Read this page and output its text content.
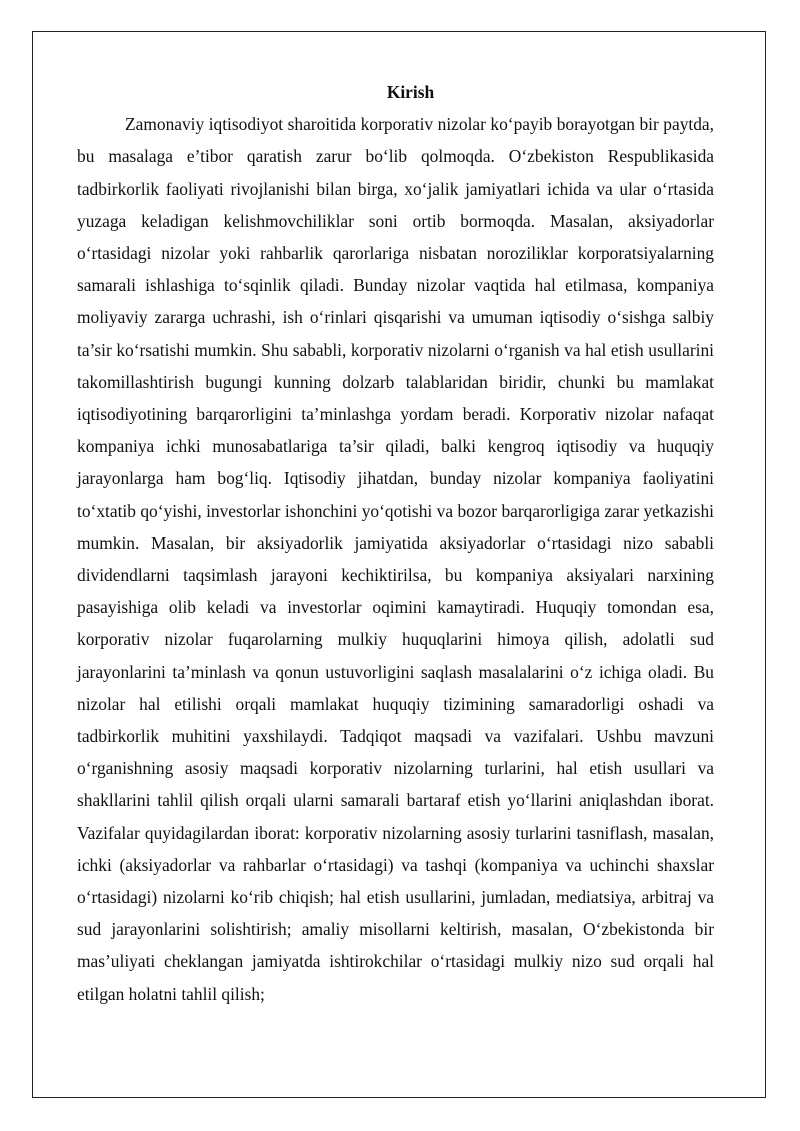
Kirish

Zamonaviy iqtisodiyot sharoitida korporativ nizolar ko‘payib borayotgan bir paytda, bu masalaga e’tibor qaratish zarur bo‘lib qolmoqda. O‘zbekiston Respublikasida tadbirkorlik faoliyati rivojlanishi bilan birga, xo‘jalik jamiyatlari ichida va ular o‘rtasida yuzaga keladigan kelishmovchiliklar soni ortib bormoqda. Masalan, aksiyadorlar o‘rtasidagi nizolar yoki rahbarlik qarorlariga nisbatan noroziliklar korporatsiyalarning samarali ishlashiga to‘sqinlik qiladi. Bunday nizolar vaqtida hal etilmasa, kompaniya moliyaviy zararga uchrashi, ish o‘rinlari qisqarishi va umuman iqtisodiy o‘sishga salbiy ta’sir ko‘rsatishi mumkin. Shu sababli, korporativ nizolarni o‘rganish va hal etish usullarini takomillashtirish bugungi kunning dolzarb talablaridan biridir, chunki bu mamlakat iqtisodiyotining barqarorligini ta’minlashga yordam beradi. Korporativ nizolar nafaqat kompaniya ichki munosabatlariga ta’sir qiladi, balki kengroq iqtisodiy va huquqiy jarayonlarga ham bog‘liq. Iqtisodiy jihatdan, bunday nizolar kompaniya faoliyatini to‘xtatib qo‘yishi, investorlar ishonchini yo‘qotishi va bozor barqarorligiga zarar yetkazishi mumkin. Masalan, bir aksiyadorlik jamiyatida aksiyadorlar o‘rtasidagi nizo sababli dividendlarni taqsimlash jarayoni kechiktirilsa, bu kompaniya aksiyalari narxining pasayishiga olib keladi va investorlar oqimini kamaytiradi. Huquqiy tomondan esa, korporativ nizolar fuqarolarning mulkiy huquqlarini himoya qilish, adolatli sud jarayonlarini ta’minlash va qonun ustuvorligini saqlash masalalarini o‘z ichiga oladi. Bu nizolar hal etilishi orqali mamlakat huquqiy tizimining samaradorligi oshadi va tadbirkorlik muhitini yaxshilaydi. Tadqiqot maqsadi va vazifalari. Ushbu mavzuni o‘rganishning asosiy maqsadi korporativ nizolarning turlarini, hal etish usullari va shakllarini tahlil qilish orqali ularni samarali bartaraf etish yo‘llarini aniqlashdan iborat. Vazifalar quyidagilardan iborat: korporativ nizolarning asosiy turlarini tasniflash, masalan, ichki (aksiyadorlar va rahbarlar o‘rtasidagi) va tashqi (kompaniya va uchinchi shaxslar o‘rtasidagi) nizolarni ko‘rib chiqish; hal etish usullarini, jumladan, mediatsiya, arbitraj va sud jarayonlarini solishtirish; amaliy misollarni keltirish, masalan, O‘zbekistonda bir mas’uliyati cheklangan jamiyatda ishtirokchilar o‘rtasidagi mulkiy nizo sud orqali hal etilgan holatni tahlil qilish;
